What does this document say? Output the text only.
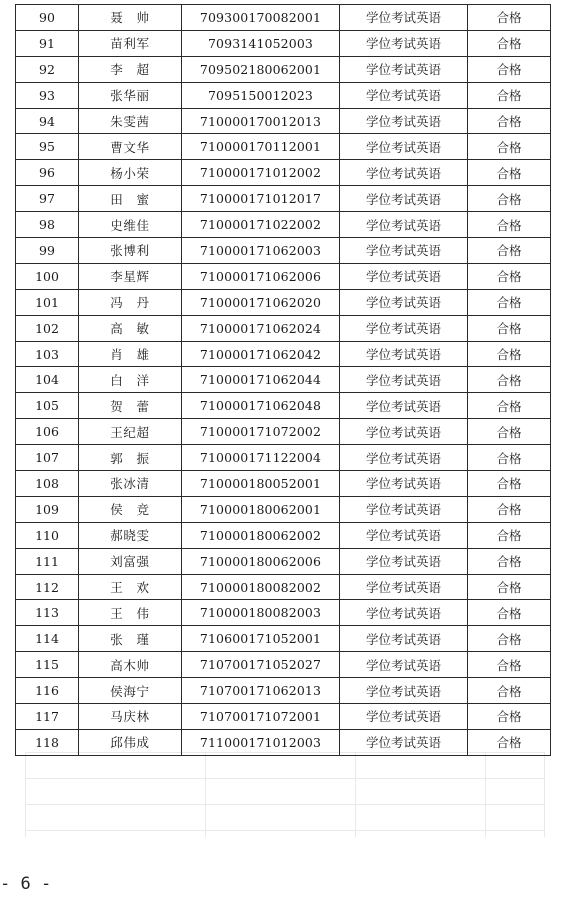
90	聂　帅	709300170082001	学位考试英语	合格
91	苗利军	7093141052003	学位考试英语	合格
92	李　超	709502180062001	学位考试英语	合格
93	张华丽	7095150012023	学位考试英语	合格
94	朱雯茜	710000170012013	学位考试英语	合格
95	曹文华	710000170112001	学位考试英语	合格
96	杨小荣	710000171012002	学位考试英语	合格
97	田　蜜	710000171012017	学位考试英语	合格
98	史维佳	710000171022002	学位考试英语	合格
99	张博利	710000171062003	学位考试英语	合格
100	李星辉	710000171062006	学位考试英语	合格
101	冯　丹	710000171062020	学位考试英语	合格
102	高　敏	710000171062024	学位考试英语	合格
103	肖　雄	710000171062042	学位考试英语	合格
104	白　洋	710000171062044	学位考试英语	合格
105	贺　蕾	710000171062048	学位考试英语	合格
106	王纪超	710000171072002	学位考试英语	合格
107	郭　振	710000171122004	学位考试英语	合格
108	张冰清	710000180052001	学位考试英语	合格
109	侯　竞	710000180062001	学位考试英语	合格
110	郝晓雯	710000180062002	学位考试英语	合格
111	刘富强	710000180062006	学位考试英语	合格
112	王　欢	710000180082002	学位考试英语	合格
113	王　伟	710000180082003	学位考试英语	合格
114	张　瑾	710600171052001	学位考试英语	合格
115	高木帅	710700171052027	学位考试英语	合格
116	侯海宁	710700171062013	学位考试英语	合格
117	马庆林	710700171072001	学位考试英语	合格
118	邱伟成	711000171012003	学位考试英语	合格
- 6 -
